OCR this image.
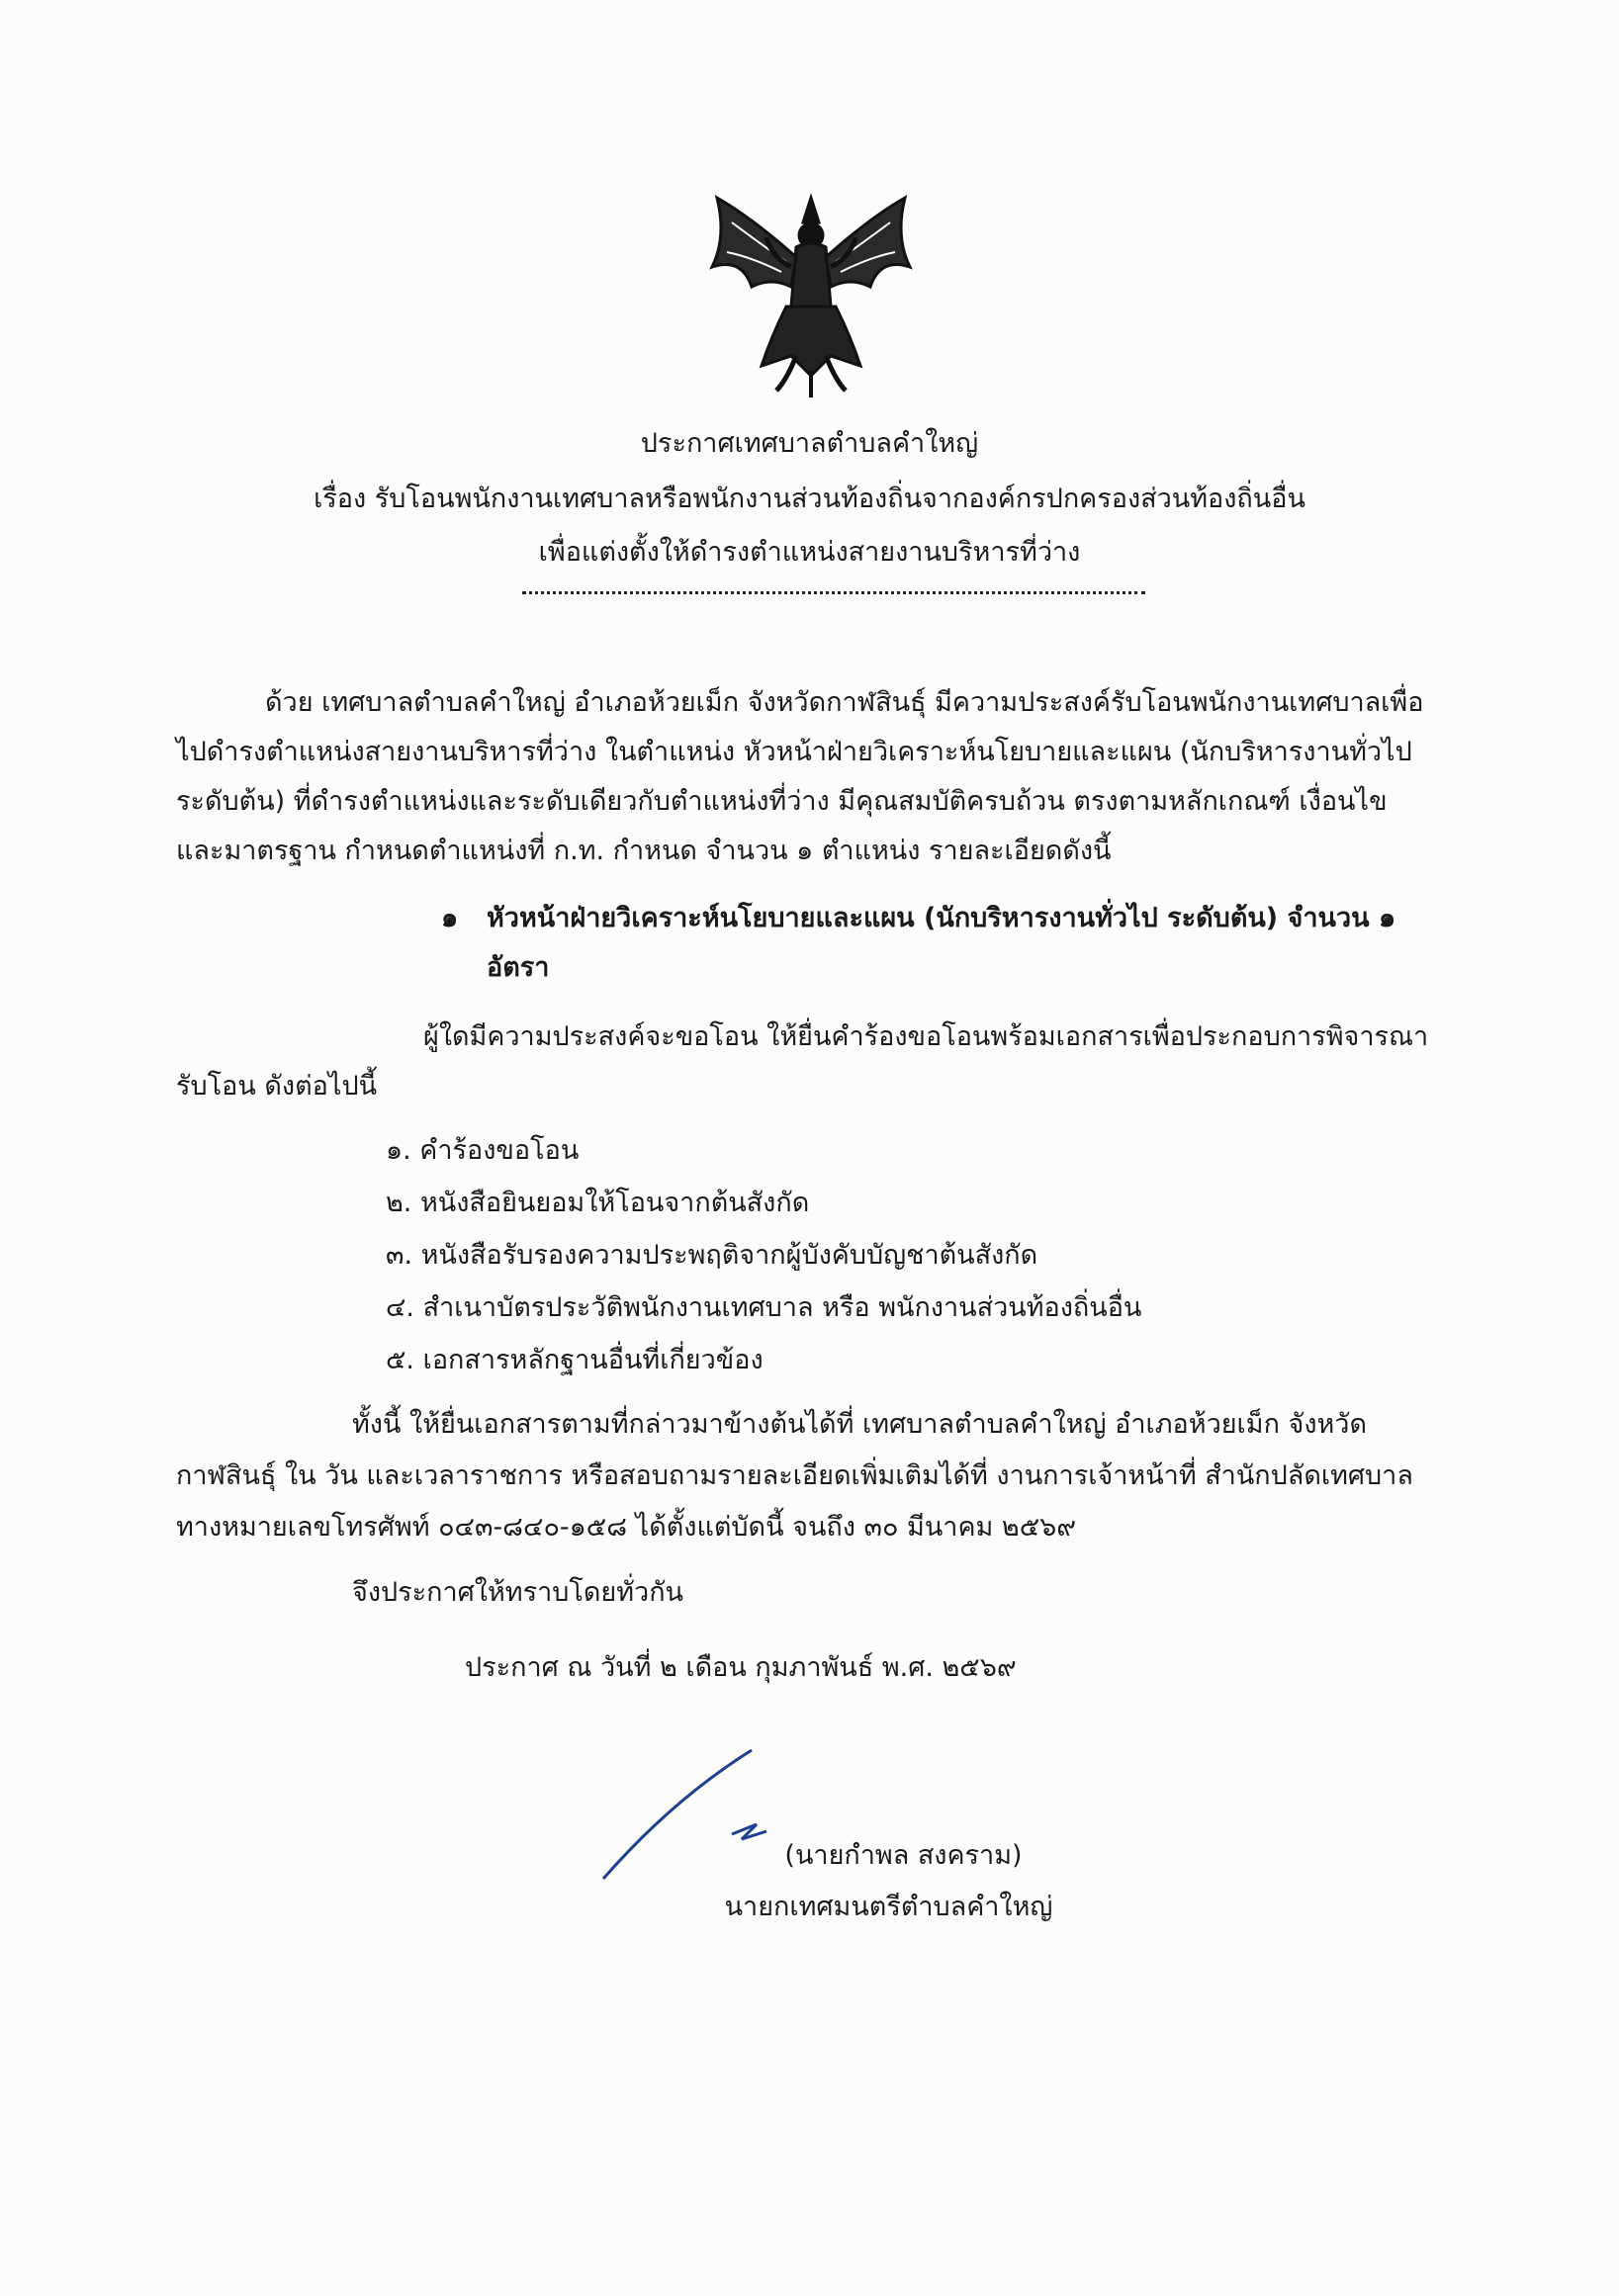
ประกาศเทศบาลตำบลคำใหญ่
เรื่อง รับโอนพนักงานเทศบาลหรือพนักงานส่วนท้องถิ่นจากองค์กรปกครองส่วนท้องถิ่นอื่น
เพื่อแต่งตั้งให้ดำรงตำแหน่งสายงานบริหารที่ว่าง
ด้วย เทศบาลตำบลคำใหญ่ อำเภอห้วยเม็ก จังหวัดกาฬสินธุ์ มีความประสงค์รับโอนพนักงานเทศบาลเพื่อ
ไปดำรงตำแหน่งสายงานบริหารที่ว่าง ในตำแหน่ง หัวหน้าฝ่ายวิเคราะห์นโยบายและแผน (นักบริหารงานทั่วไป
ระดับต้น) ที่ดำรงตำแหน่งและระดับเดียวกับตำแหน่งที่ว่าง มีคุณสมบัติครบถ้วน ตรงตามหลักเกณฑ์ เงื่อนไข
และมาตรฐาน กำหนดตำแหน่งที่ ก.ท. กำหนด จำนวน ๑ ตำแหน่ง รายละเอียดดังนี้
๑ หัวหน้าฝ่ายวิเคราะห์นโยบายและแผน (นักบริหารงานทั่วไป ระดับต้น) จำนวน ๑
อัตรา
ผู้ใดมีความประสงค์จะขอโอน ให้ยื่นคำร้องขอโอนพร้อมเอกสารเพื่อประกอบการพิจารณา
รับโอน ดังต่อไปนี้
๑. คำร้องขอโอน
๒. หนังสือยินยอมให้โอนจากต้นสังกัด
๓. หนังสือรับรองความประพฤติจากผู้บังคับบัญชาต้นสังกัด
๔. สำเนาบัตรประวัติพนักงานเทศบาล หรือ พนักงานส่วนท้องถิ่นอื่น
๕. เอกสารหลักฐานอื่นที่เกี่ยวข้อง
ทั้งนี้ ให้ยื่นเอกสารตามที่กล่าวมาข้างต้นได้ที่ เทศบาลตำบลคำใหญ่ อำเภอห้วยเม็ก จังหวัด
กาฬสินธุ์ ใน วัน และเวลาราชการ หรือสอบถามรายละเอียดเพิ่มเติมได้ที่ งานการเจ้าหน้าที่ สำนักปลัดเทศบาล
ทางหมายเลขโทรศัพท์ ๐๔๓-๘๔๐-๑๕๘ ได้ตั้งแต่บัดนี้ จนถึง ๓๐ มีนาคม ๒๕๖๙
จึงประกาศให้ทราบโดยทั่วกัน
ประกาศ ณ วันที่ ๒ เดือน กุมภาพันธ์ พ.ศ. ๒๕๖๙
(นายกำพล สงคราม)
นายกเทศมนตรีตำบลคำใหญ่
